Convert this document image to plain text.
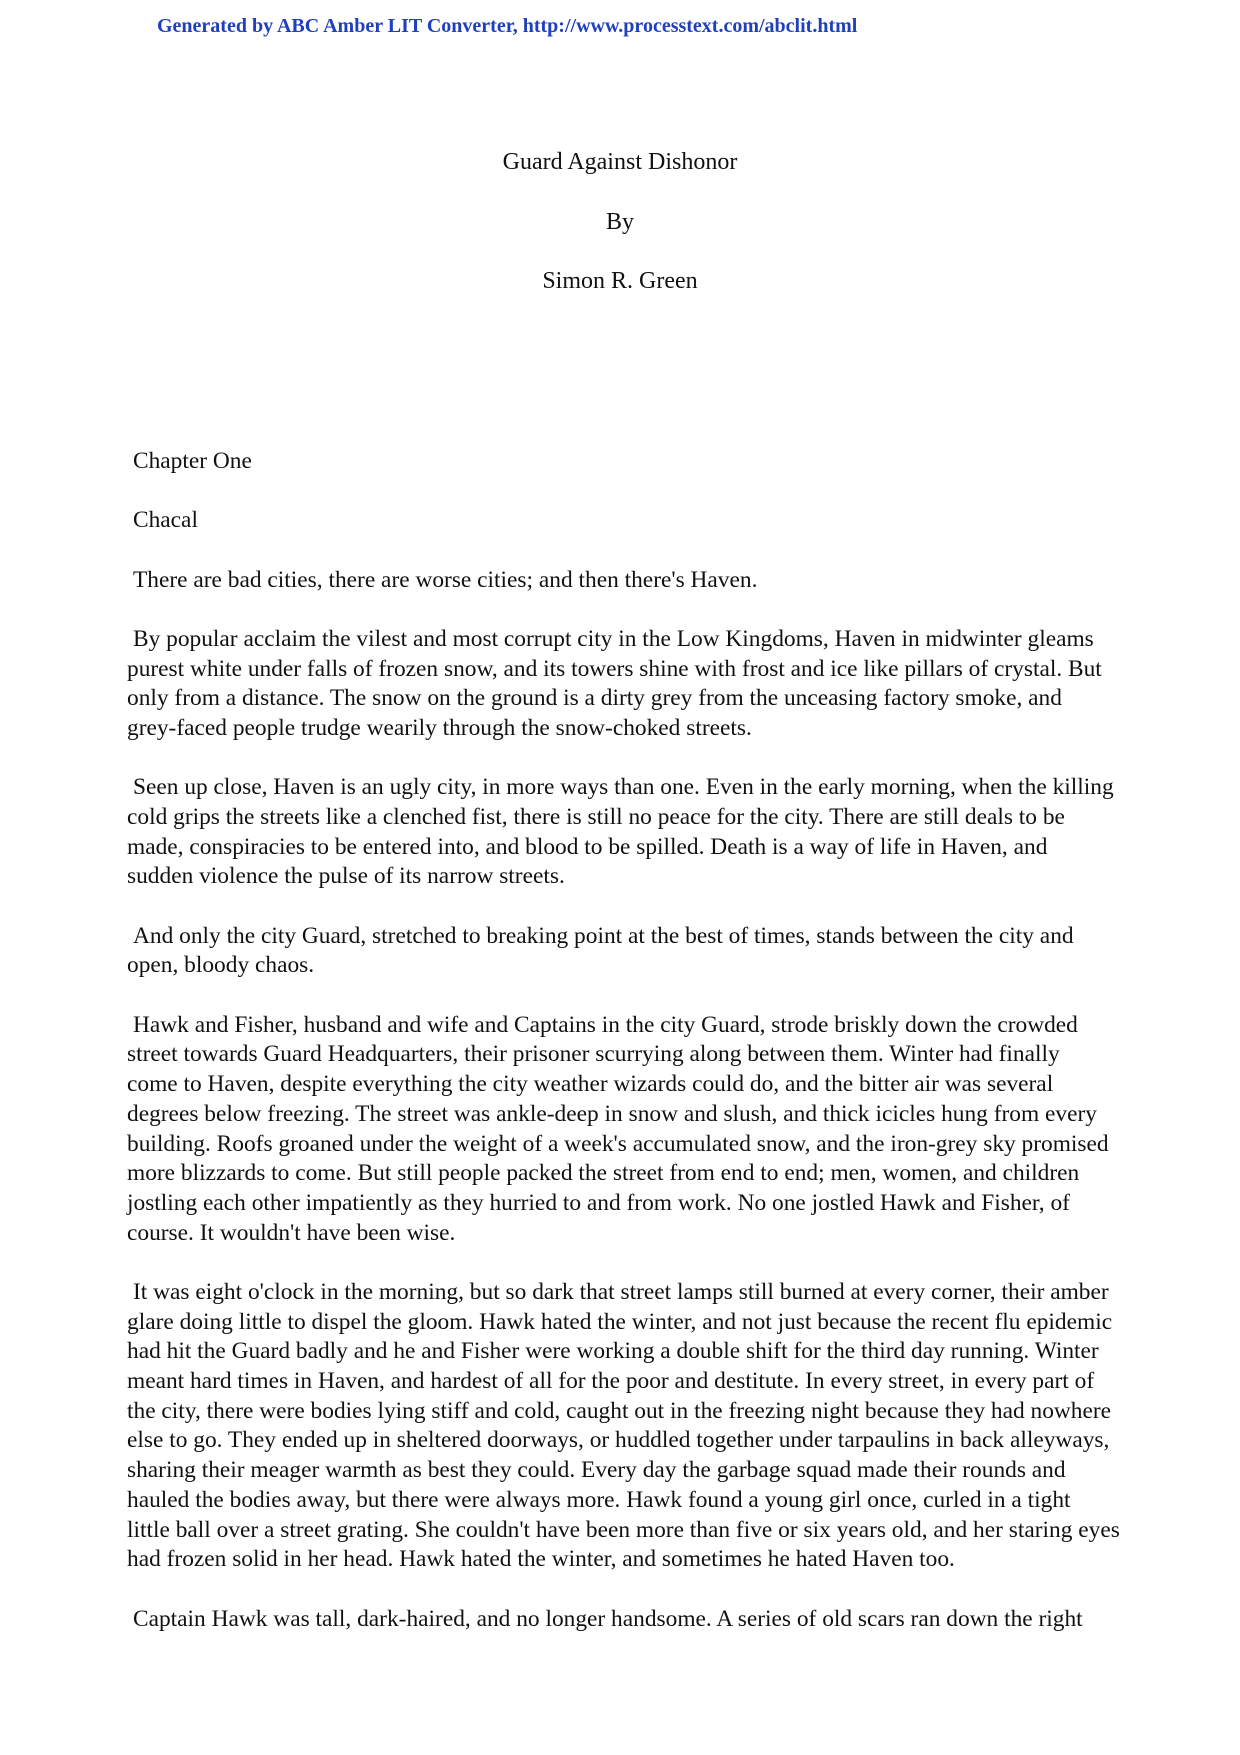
Generated by ABC Amber LIT Converter, http://www.processtext.com/abclit.html
Guard Against Dishonor
By
Simon R. Green
Chapter One
Chacal
There are bad cities, there are worse cities; and then there's Haven.
By popular acclaim the vilest and most corrupt city in the Low Kingdoms, Haven in midwinter gleams
purest white under falls of frozen snow, and its towers shine with frost and ice like pillars of crystal. But
only from a distance. The snow on the ground is a dirty grey from the unceasing factory smoke, and
grey-faced people trudge wearily through the snow-choked streets.
Seen up close, Haven is an ugly city, in more ways than one. Even in the early morning, when the killing
cold grips the streets like a clenched fist, there is still no peace for the city. There are still deals to be
made, conspiracies to be entered into, and blood to be spilled. Death is a way of life in Haven, and
sudden violence the pulse of its narrow streets.
And only the city Guard, stretched to breaking point at the best of times, stands between the city and
open, bloody chaos.
Hawk and Fisher, husband and wife and Captains in the city Guard, strode briskly down the crowded
street towards Guard Headquarters, their prisoner scurrying along between them. Winter had finally
come to Haven, despite everything the city weather wizards could do, and the bitter air was several
degrees below freezing. The street was ankle-deep in snow and slush, and thick icicles hung from every
building. Roofs groaned under the weight of a week's accumulated snow, and the iron-grey sky promised
more blizzards to come. But still people packed the street from end to end; men, women, and children
jostling each other impatiently as they hurried to and from work. No one jostled Hawk and Fisher, of
course. It wouldn't have been wise.
It was eight o'clock in the morning, but so dark that street lamps still burned at every corner, their amber
glare doing little to dispel the gloom. Hawk hated the winter, and not just because the recent flu epidemic
had hit the Guard badly and he and Fisher were working a double shift for the third day running. Winter
meant hard times in Haven, and hardest of all for the poor and destitute. In every street, in every part of
the city, there were bodies lying stiff and cold, caught out in the freezing night because they had nowhere
else to go. They ended up in sheltered doorways, or huddled together under tarpaulins in back alleyways,
sharing their meager warmth as best they could. Every day the garbage squad made their rounds and
hauled the bodies away, but there were always more. Hawk found a young girl once, curled in a tight
little ball over a street grating. She couldn't have been more than five or six years old, and her staring eyes
had frozen solid in her head. Hawk hated the winter, and sometimes he hated Haven too.
Captain Hawk was tall, dark-haired, and no longer handsome. A series of old scars ran down the right
